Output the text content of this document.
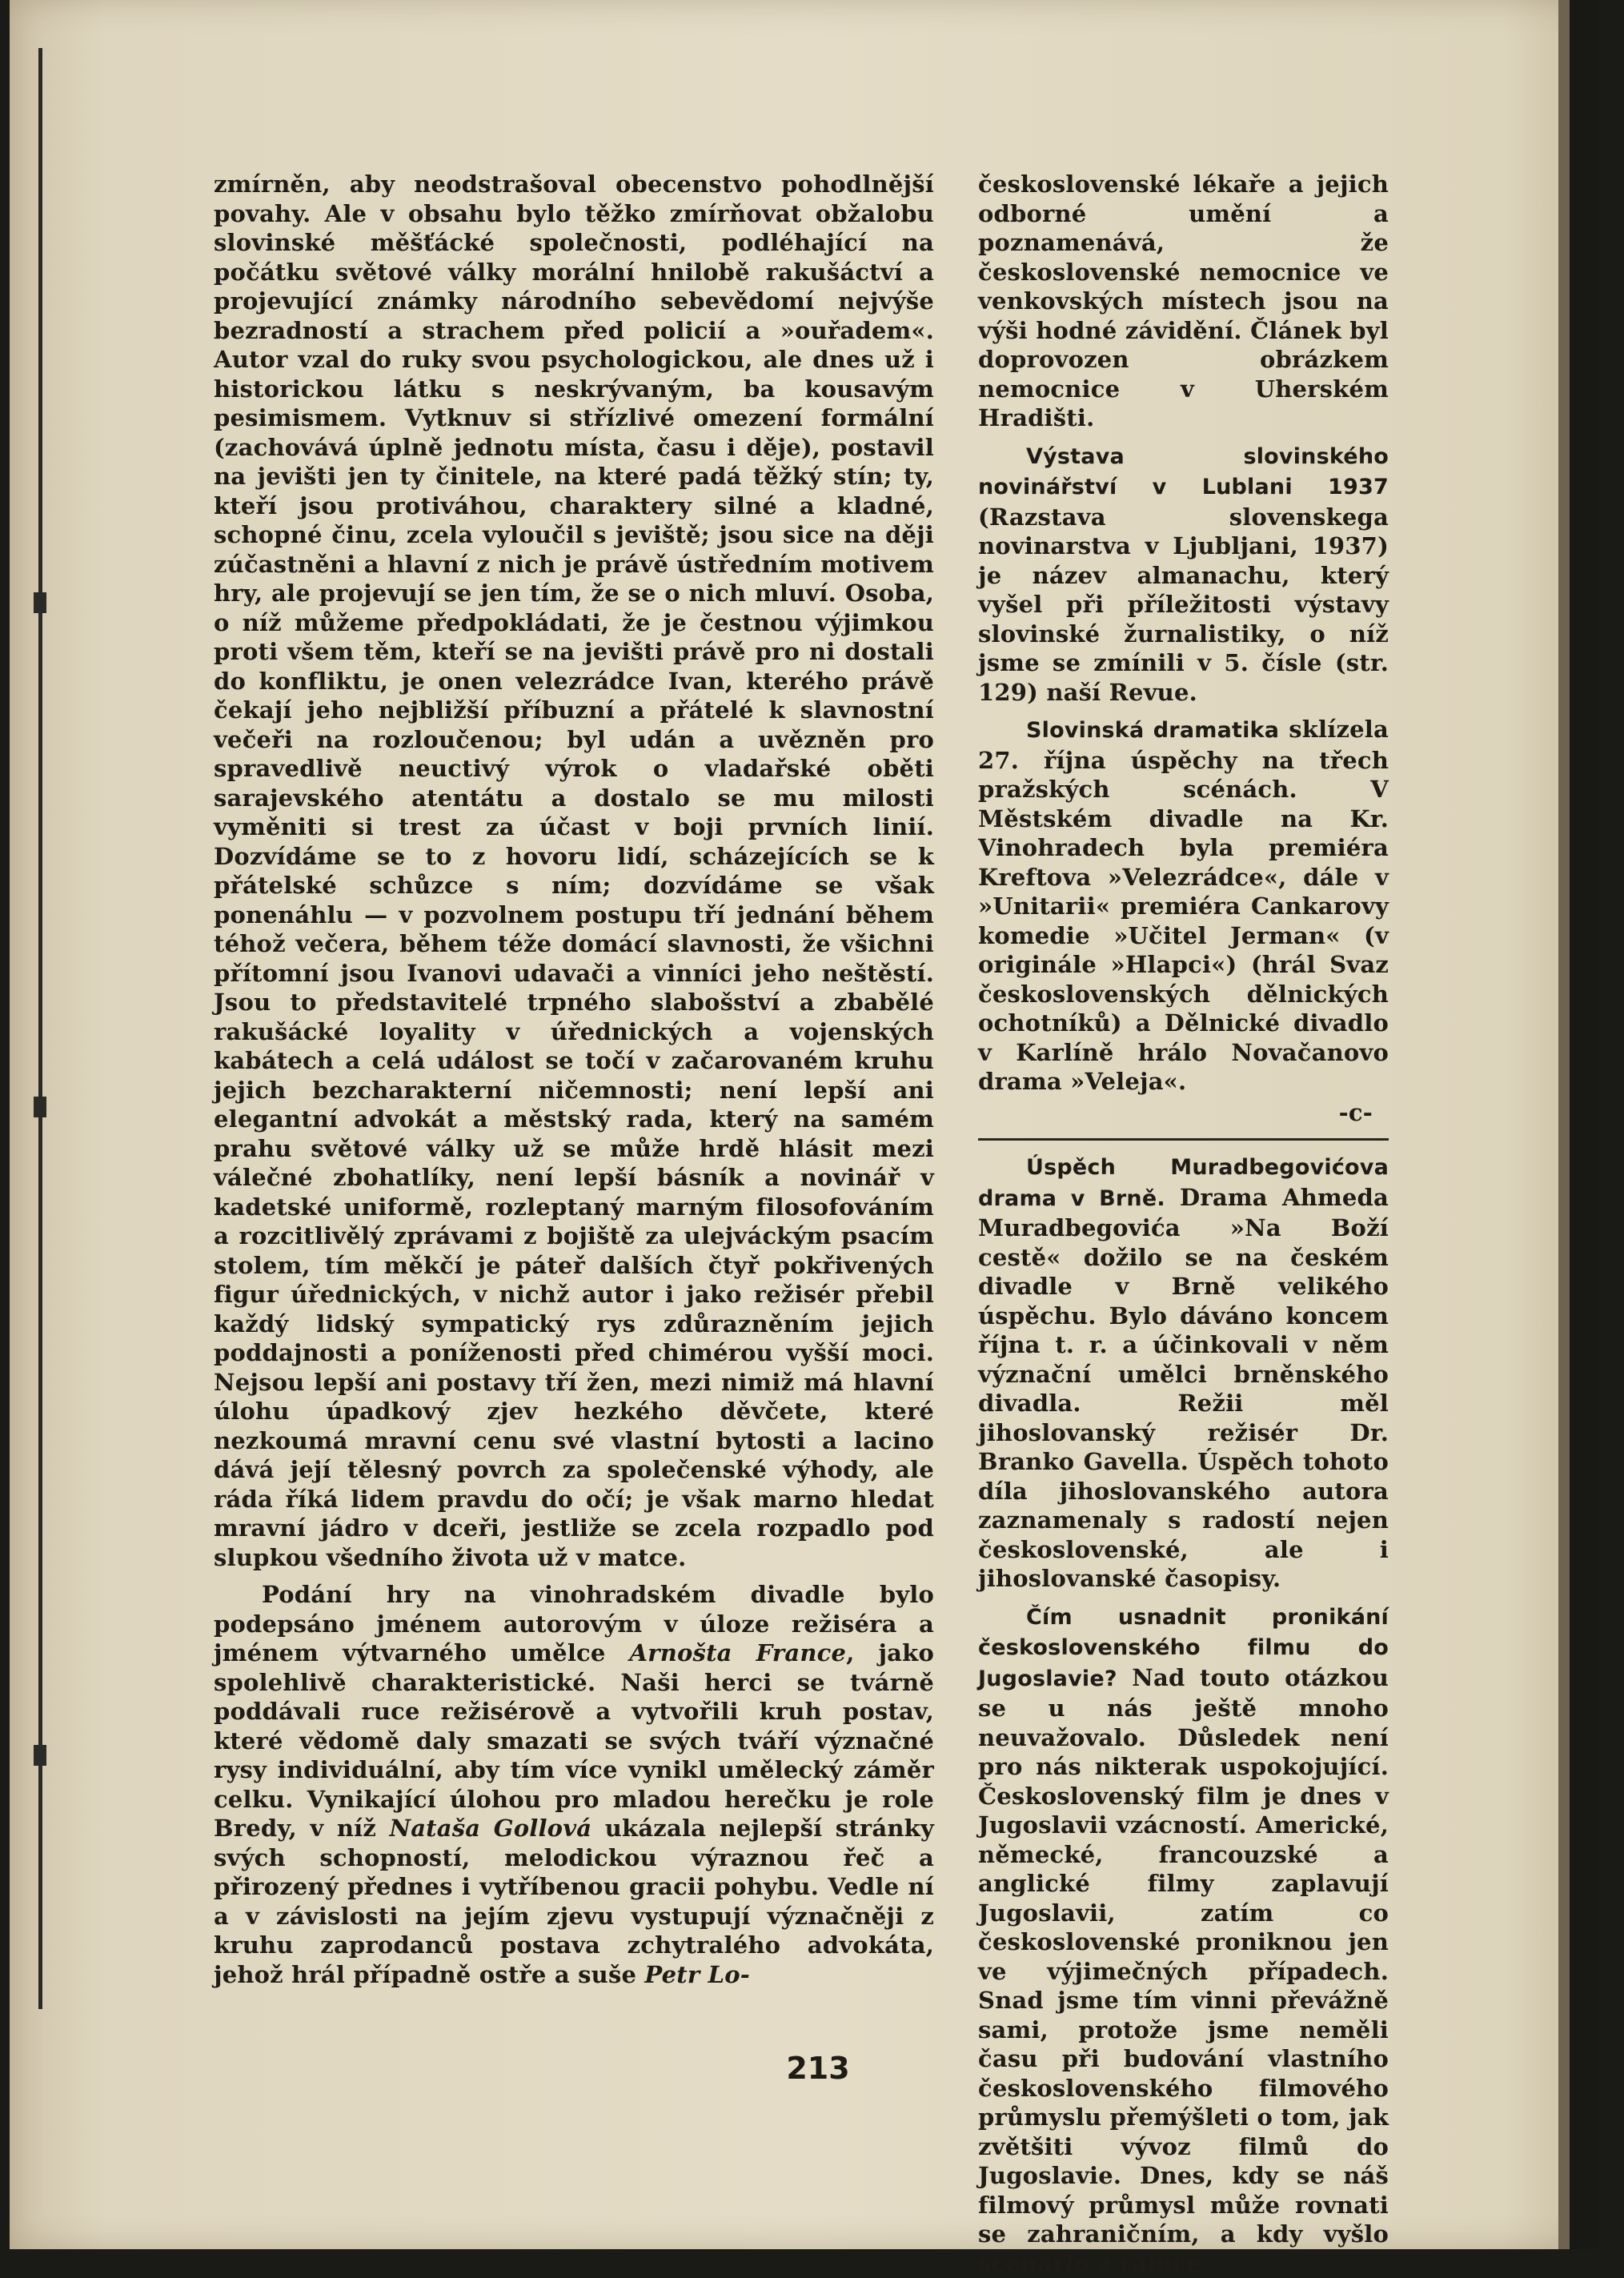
zmírněn, aby neodstrašoval obecenstvo pohodlnější povahy. Ale v obsahu bylo těžko zmírňovat obžalobu slovinské měšťácké společnosti, podléhající na počátku světové války morální hnilobě rakušáctví a projevující známky národního sebevědomí nejvýše bezradností a strachem před policií a »ouřadem«. Autor vzal do ruky svou psychologickou, ale dnes už i historickou látku s neskrývaným, ba kousavým pesimismem. Vytknuv si střízlivé omezení formální (zachovává úplně jednotu místa, času i děje), postavil na jevišti jen ty činitele, na které padá těžký stín; ty, kteří jsou protiváhou, charaktery silné a kladné, schopné činu, zcela vyloučil s jeviště; jsou sice na ději zúčastněni a hlavní z nich je právě ústředním motivem hry, ale projevují se jen tím, že se o nich mluví. Osoba, o níž můžeme předpokládati, že je čestnou výjimkou proti všem těm, kteří se na jevišti právě pro ni dostali do konfliktu, je onen velezrádce Ivan, kterého právě čekají jeho nejbližší příbuzní a přátelé k slavnostní večeři na rozloučenou; byl udán a uvězněn pro spravedlivě neuctivý výrok o vladařské oběti sarajevského atentátu a dostalo se mu milosti vyměniti si trest za účast v boji prvních linií. Dozvídáme se to z hovoru lidí, scházejících se k přátelské schůzce s ním; dozvídáme se však ponenáhlu — v pozvolnem postupu tří jednání během téhož večera, během téže domácí slavnosti, že všichni přítomní jsou Ivanovi udavači a vinníci jeho neštěstí. Jsou to představitelé trpného slabošství a zbabělé rakušácké loyality v úřednických a vojenských kabátech a celá událost se točí v začarovaném kruhu jejich bezcharakterní ničemnosti; není lepší ani elegantní advokát a městský rada, který na samém prahu světové války už se může hrdě hlásit mezi válečné zbohatlíky, není lepší básník a novinář v kadetské uniformě, rozleptaný marným filosofováním a rozcitlivělý zprávami z bojiště za ulejváckým psacím stolem, tím měkčí je páteř dalších čtyř pokřivených figur úřednických, v nichž autor i jako režisér přebil každý lidský sympatický rys zdůrazněním jejich poddajnosti a poníženosti před chimérou vyšší moci. Nejsou lepší ani postavy tří žen, mezi nimiž má hlavní úlohu úpadkový zjev hezkého děvčete, které nezkoumá mravní cenu své vlastní bytosti a lacino dává její tělesný povrch za společenské výhody, ale ráda říká lidem pravdu do očí; je však marno hledat mravní jádro v dceři, jestliže se zcela rozpadlo pod slupkou všedního života už v matce.

Podání hry na vinohradském divadle bylo podepsáno jménem autorovým v úloze režiséra a jménem výtvarného umělce Arnošta France, jako spolehlivě charakteristické. Naši herci se tvárně poddávali ruce režisérově a vytvořili kruh postav, které vědomě daly smazati se svých tváří význačné rysy individuální, aby tím více vynikl umělecký záměr celku. Vynikající úlohou pro mladou herečku je role Bredy, v níž Nataša Gollová ukázala nejlepší stránky svých schopností, melodickou výraznou řeč a přirozený přednes i vytříbenou gracii pohybu. Vedle ní a v závislosti na jejím zjevu vystupují význačněji z kruhu zaprodanců postava zchytralého advokáta, jehož hrál případně ostře a suše Petr Lo-

československé lékaře a jejich odborné umění a poznamenává, že československé nemocnice ve venkovských místech jsou na výši hodné závidění. Článek byl doprovozen obrázkem nemocnice v Uherském Hradišti.

Výstava slovinského novinářství v Lublani 1937 (Razstava slovenskega novinarstva v Ljubljani, 1937) je název almanachu, který vyšel při příležitosti výstavy slovinské žurnalistiky, o níž jsme se zmínili v 5. čísle (str. 129) naší Revue.

Slovinská dramatika sklízela 27. října úspěchy na třech pražských scénách. V Městském divadle na Kr. Vinohradech byla premiéra Kreftova »Velezrádce«, dále v »Unitarii« premiéra Cankarovy komedie »Učitel Jerman« (v originále »Hlapci«) (hrál Svaz československých dělnických ochotníků) a Dělnické divadlo v Karlíně hrálo Novačanovo drama »Veleja«.

-c-

Úspěch Muradbegovićova drama v Brně. Drama Ahmeda Muradbegovića »Na Boží cestě« dožilo se na českém divadle v Brně velikého úspěchu. Bylo dáváno koncem října t. r. a účinkovali v něm význační umělci brněnského divadla. Režii měl jihoslovanský režisér Dr. Branko Gavella. Úspěch tohoto díla jihoslovanského autora zaznamenaly s radostí nejen československé, ale i jihoslovanské časopisy.

Čím usnadnit pronikání československého filmu do Jugoslavie? Nad touto otázkou se u nás ještě mnoho neuvažovalo. Důsledek není pro nás nikterak uspokojující. Československý film je dnes v Jugoslavii vzácností. Americké, německé, francouzské a anglické filmy zaplavují Jugoslavii, zatím co československé proniknou jen ve výjimečných případech. Snad jsme tím vinni převážně sami, protože jsme neměli času při budování vlastního československého filmového průmyslu přemýšleti o tom, jak zvětšiti vývoz filmů do Jugoslavie. Dnes, kdy se náš filmový průmysl může rovnati se zahraničním, a kdy vyšlo scenario z rámce

213
